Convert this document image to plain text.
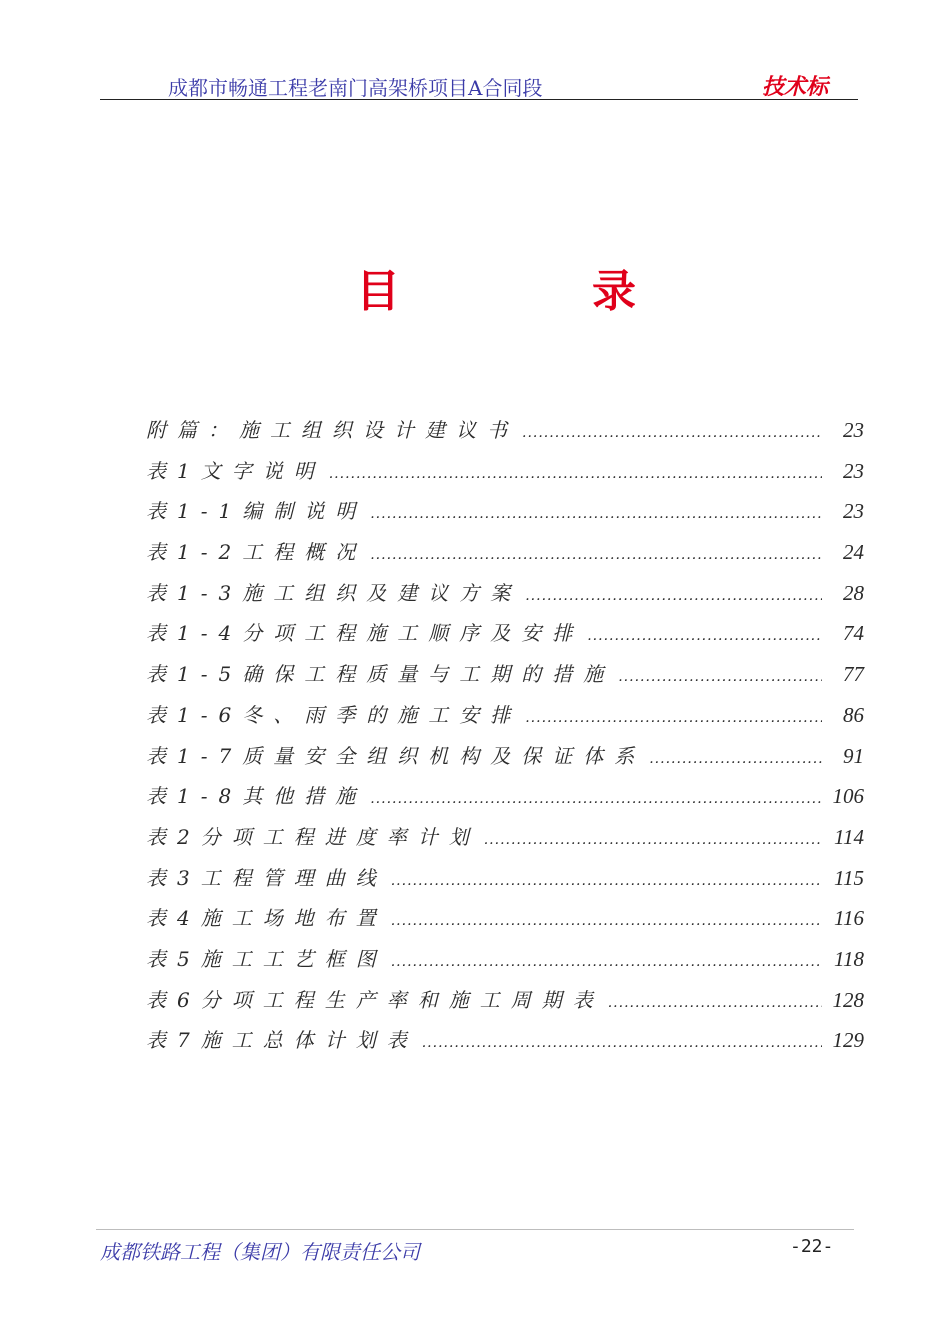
成都市畅通工程老南门高架桥项目A合同段	技术标
目	录
附篇：施工组织设计建议书 .....	23
表1文字说明 .....	23
表1-1编制说明 .....	23
表1-2工程概况 .....	24
表1-3施工组织及建议方案 .....	28
表1-4分项工程施工顺序及安排 .....	74
表1-5确保工程质量与工期的措施 .....	77
表1-6冬、雨季的施工安排 .....	86
表1-7质量安全组织机构及保证体系 .....	91
表1-8其他措施 .....	106
表2分项工程进度率计划 .....	114
表3工程管理曲线 .....	115
表4施工场地布置 .....	116
表5施工工艺框图 .....	118
表6分项工程生产率和施工周期表 .....	128
表7施工总体计划表 .....	129
成都铁路工程（集团）有限责任公司	-22-
